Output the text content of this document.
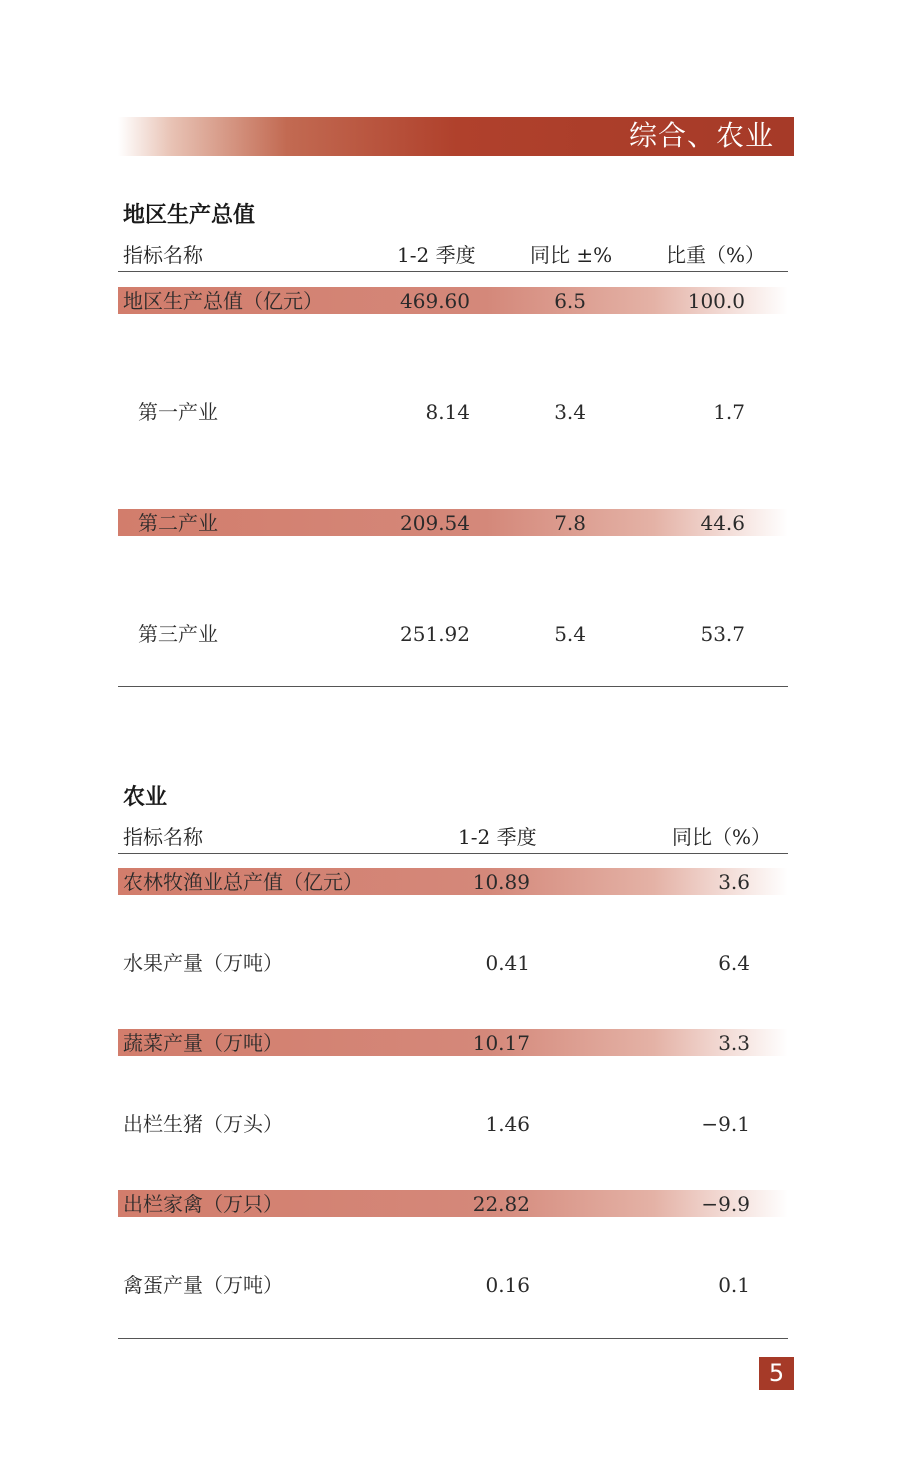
综合、农业
地区生产总值
指标名称	1-2 季度	同比 ±%	比重（%）
地区生产总值（亿元）	469.60	6.5	100.0
第一产业	8.14	3.4	1.7
第二产业	209.54	7.8	44.6
第三产业	251.92	5.4	53.7
农业
指标名称	1-2 季度	同比（%）
农林牧渔业总产值（亿元）	10.89	3.6
水果产量（万吨）	0.41	6.4
蔬菜产量（万吨）	10.17	3.3
出栏生猪（万头）	1.46	−9.1
出栏家禽（万只）	22.82	−9.9
禽蛋产量（万吨）	0.16	0.1
5
